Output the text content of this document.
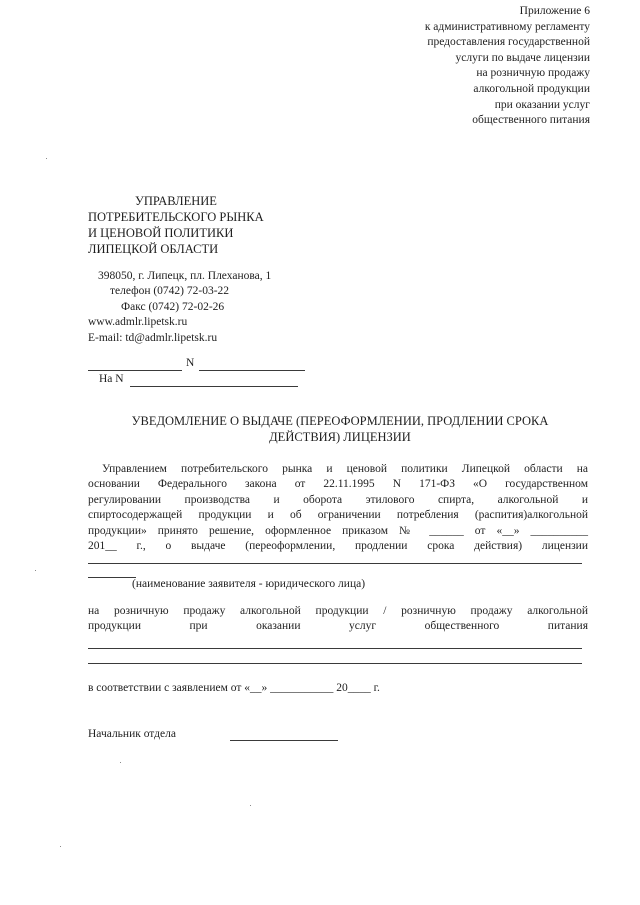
Приложение 6
к административному регламенту
предоставления государственной
услуги по выдаче лицензии
на розничную продажу
алкогольной продукции
при оказании услуг
общественного питания
УПРАВЛЕНИЕ
ПОТРЕБИТЕЛЬСКОГО РЫНКА
И ЦЕНОВОЙ ПОЛИТИКИ
ЛИПЕЦКОЙ ОБЛАСТИ
398050, г. Липецк, пл. Плеханова, 1
телефон (0742) 72-03-22
Факс (0742) 72-02-26
www.admlr.lipetsk.ru
E-mail: td@admlr.lipetsk.ru
N
На N
УВЕДОМЛЕНИЕ О ВЫДАЧЕ (ПЕРЕОФОРМЛЕНИИ, ПРОДЛЕНИИ СРОКА
ДЕЙСТВИЯ) ЛИЦЕНЗИИ
Управлением потребительского рынка и ценовой политики Липецкой области на
основании Федерального закона от 22.11.1995 N 171-ФЗ «О государственном
регулировании производства и оборота этилового спирта, алкогольной и
спиртосодержащей продукции и об ограничении потребления (распития)алкогольной
продукции» принято решение, оформленное приказом № ______ от «__» __________
201__ г., о выдаче (переоформлении, продлении срока действия) лицензии
(наименование заявителя - юридического лица)
на розничную продажу алкогольной продукции / розничную продажу алкогольной
продукции при оказании услуг общественного питания
в соответствии с заявлением от «__» ___________ 20____ г.
Начальник отдела
